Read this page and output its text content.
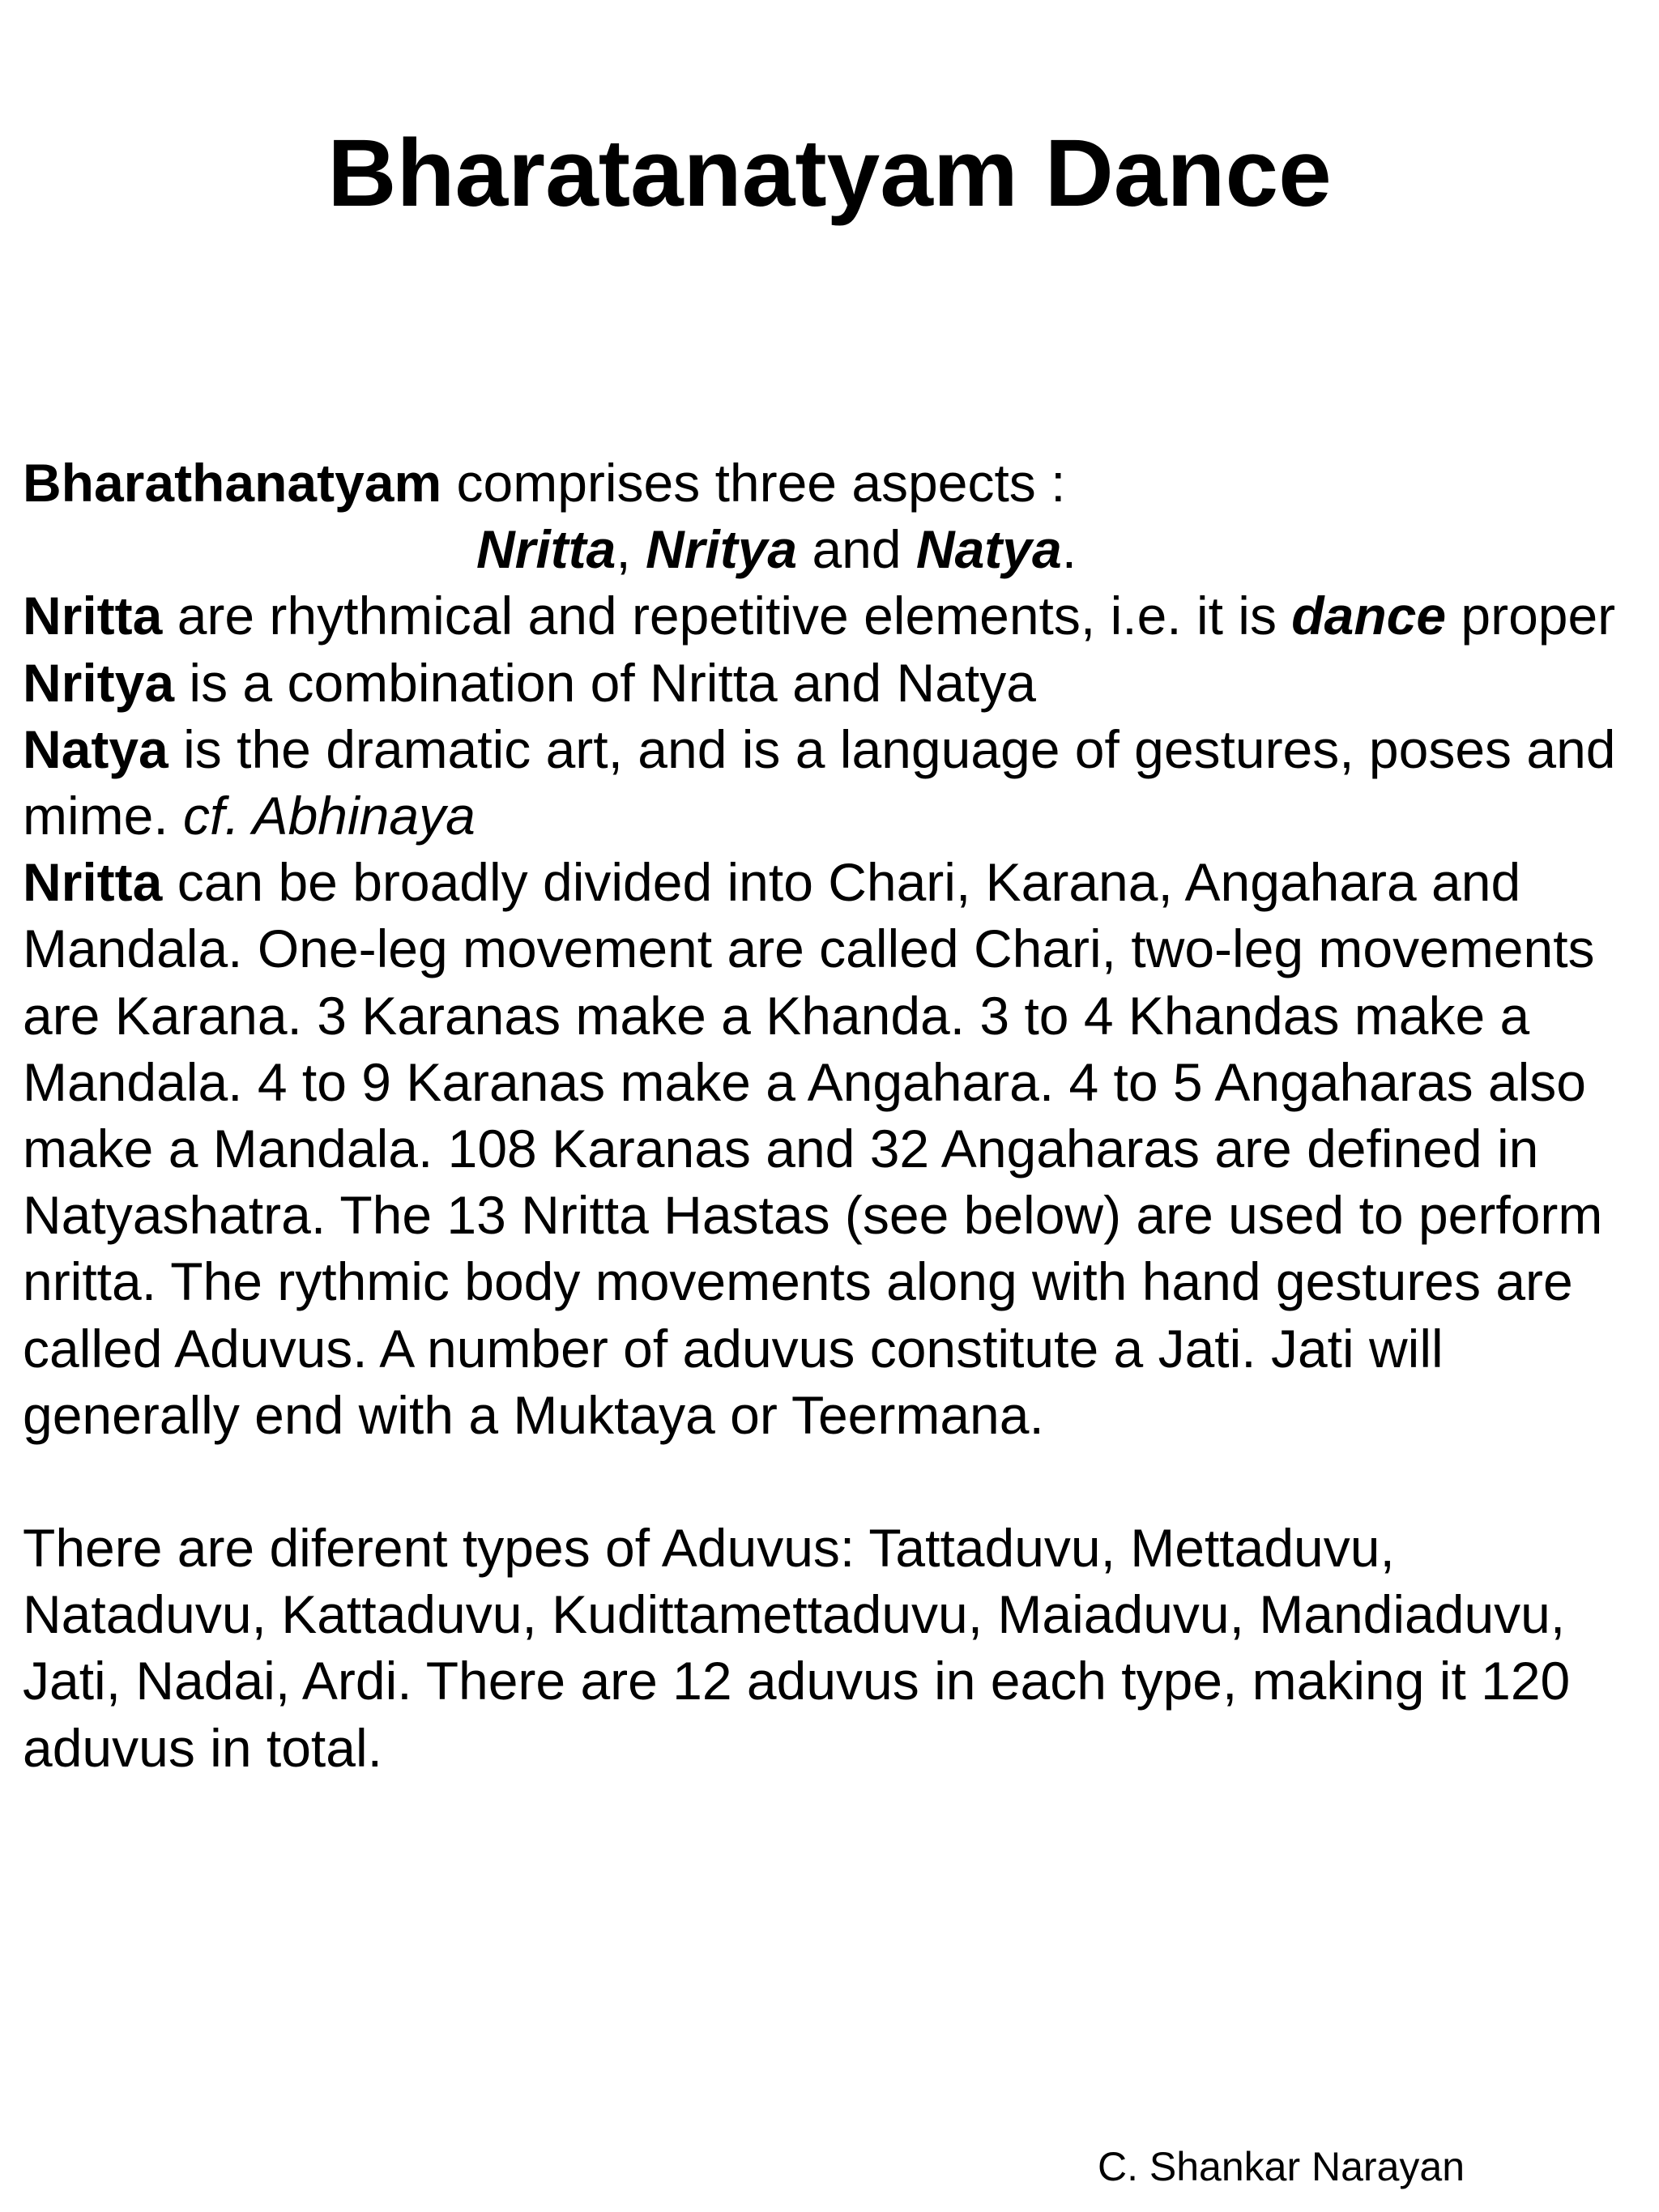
Bharatanatyam Dance

Bharathanatyam comprises three aspects :
Nritta, Nritya and Natya.

Nritta are rhythmical and repetitive elements, i.e. it is dance proper

Nritya is a combination of Nritta and Natya

Natya is the dramatic art, and is a language of gestures, poses and mime. cf. Abhinaya

Nritta can be broadly divided into Chari, Karana, Angahara and Mandala. One-leg movement are called Chari, two-leg movements are Karana. 3 Karanas make a Khanda. 3 to 4 Khandas make a Mandala. 4 to 9 Karanas make a Angahara. 4 to 5 Angaharas also make a Mandala. 108 Karanas and 32 Angaharas are defined in Natyashatra. The 13 Nritta Hastas (see below) are used to perform nritta. The rythmic body movements along with hand gestures are called Aduvus. A number of aduvus constitute a Jati. Jati will generally end with a Muktaya or Teermana.

There are diferent types of Aduvus: Tattaduvu, Mettaduvu, Nataduvu, Kattaduvu, Kudittamettaduvu, Maiaduvu, Mandiaduvu, Jati, Nadai, Ardi. There are 12 aduvus in each type, making it 120 aduvus in total.

C. Shankar Narayan
